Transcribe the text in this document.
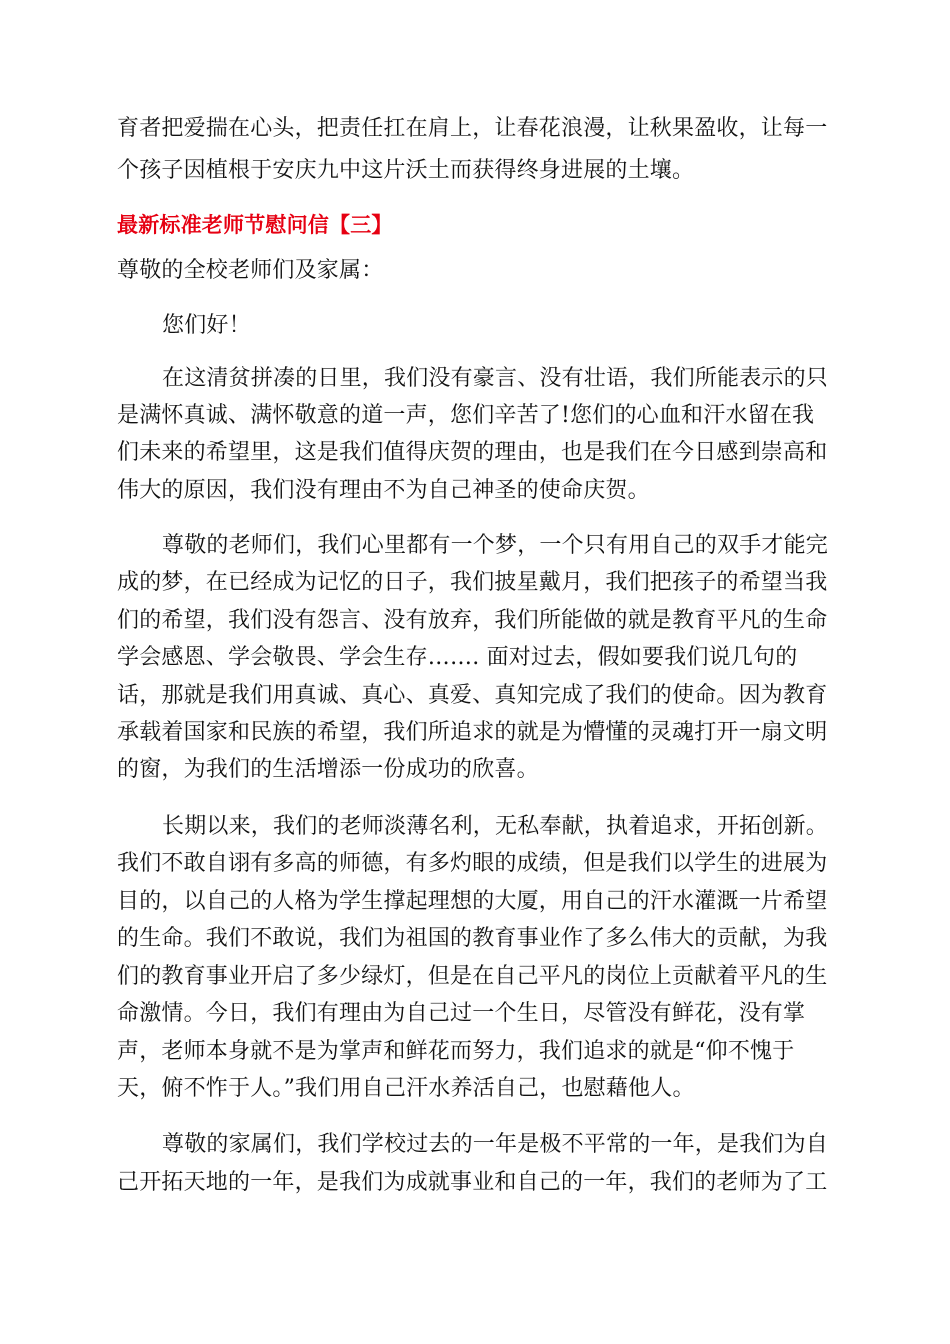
育者把爱揣在心头，把责任扛在肩上，让春花浪漫，让秋果盈收，让每一
个孩子因植根于安庆九中这片沃土而获得终身进展的土壤。
最新标准老师节慰问信【三】
尊敬的全校老师们及家属：
您们好！
在这清贫拼凑的日里，我们没有豪言、没有壮语，我们所能表示的只
是满怀真诚、满怀敬意的道一声，您们辛苦了!您们的心血和汗水留在我
们未来的希望里，这是我们值得庆贺的理由，也是我们在今日感到崇高和
伟大的原因，我们没有理由不为自己神圣的使命庆贺。
尊敬的老师们，我们心里都有一个梦，一个只有用自己的双手才能完
成的梦，在已经成为记忆的日子，我们披星戴月，我们把孩子的希望当我
们的希望，我们没有怨言、没有放弃，我们所能做的就是教育平凡的生命
学会感恩、学会敬畏、学会生存……. 面对过去，假如要我们说几句的
话，那就是我们用真诚、真心、真爱、真知完成了我们的使命。因为教育
承载着国家和民族的希望，我们所追求的就是为懵懂的灵魂打开一扇文明
的窗，为我们的生活增添一份成功的欣喜。
长期以来，我们的老师淡薄名利，无私奉献，执着追求，开拓创新。
我们不敢自诩有多高的师德，有多灼眼的成绩，但是我们以学生的进展为
目的，以自己的人格为学生撑起理想的大厦，用自己的汗水灌溉一片希望
的生命。我们不敢说，我们为祖国的教育事业作了多么伟大的贡献，为我
们的教育事业开启了多少绿灯，但是在自己平凡的岗位上贡献着平凡的生
命激情。今日，我们有理由为自己过一个生日，尽管没有鲜花，没有掌
声，老师本身就不是为掌声和鲜花而努力，我们追求的就是“仰不愧于
天，俯不怍于人。”我们用自己汗水养活自己，也慰藉他人。
尊敬的家属们，我们学校过去的一年是极不平常的一年，是我们为自
己开拓天地的一年，是我们为成就事业和自己的一年，我们的老师为了工
